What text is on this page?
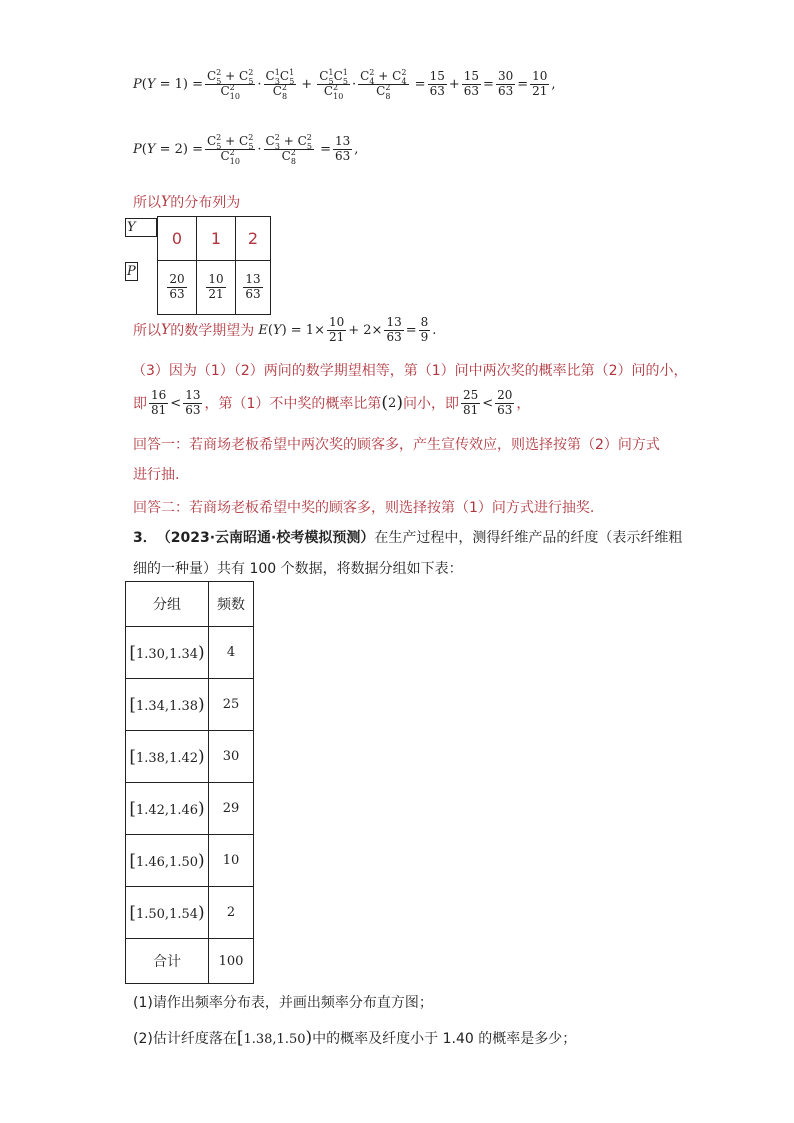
P ( Y
= 1 ) = $\frac{C^2_5 + C^2_5}{C^2_{10}} \cdot \frac{C^1_3C^1_5}{C^2_8} + \frac{C^1_5C^1_5}{C^2_{10}} \cdot \frac{C^2_4 + C^2_4}{C^2_8} = \frac{15}{63} + \frac{15}{63} = \frac{30}{63} = \frac{10}{21}$ ,
P ( Y
= 2 ) = $\frac{C^2_5 + C^2_5}{C^2_{10}} \cdot \frac{C^2_3 + C^2_5}{C^2_8} = \frac{13}{63}$ ,
所以 Y 的分布列为
Y
0	1	2

P
$\frac{20}{63}$	$\frac{10}{21}$	$\frac{13}{63}$
所以 Y 的数学期望为
E ( Y ) = $1\times \frac{10}{21} + 2\times \frac{13}{63} = \frac{8}{9}$ .
（3）因为（1）（2）两问的数学期望相等，第（1）问中两次奖的概率比第（2）问的小，
即 $\frac{16}{81} < \frac{13}{63}$ ，第（1）不中奖的概率比第 ( 2 ) 问小，即 $\frac{25}{81} < \frac{20}{63}$ ，
回答一：若商场老板希望中两次奖的顾客多，产生宣传效应，则选择按第（2）问方式
进行抽.
回答二：若商场老板希望中奖的顾客多，则选择按第（1）问方式进行抽奖.
3． （2023·云南昭通·校考模拟预测） 在生产过程中，测得纤维产品的纤度（表示纤维粗
细的一种量）共有 100 个数据，将数据分组如下表：
分组	频数
[1.30,1.34)	4
[1.34,1.38)	25
[1.38,1.42)	30
[1.42,1.46)	29
[1.46,1.50)	10
[1.50,1.54)	2
合计	100
(1)请作出频率分布表，并画出频率分布直方图；
(2)估计纤度落在 [1.38,1.50) 中的概率及纤度小于 1.40 的概率是多少；
